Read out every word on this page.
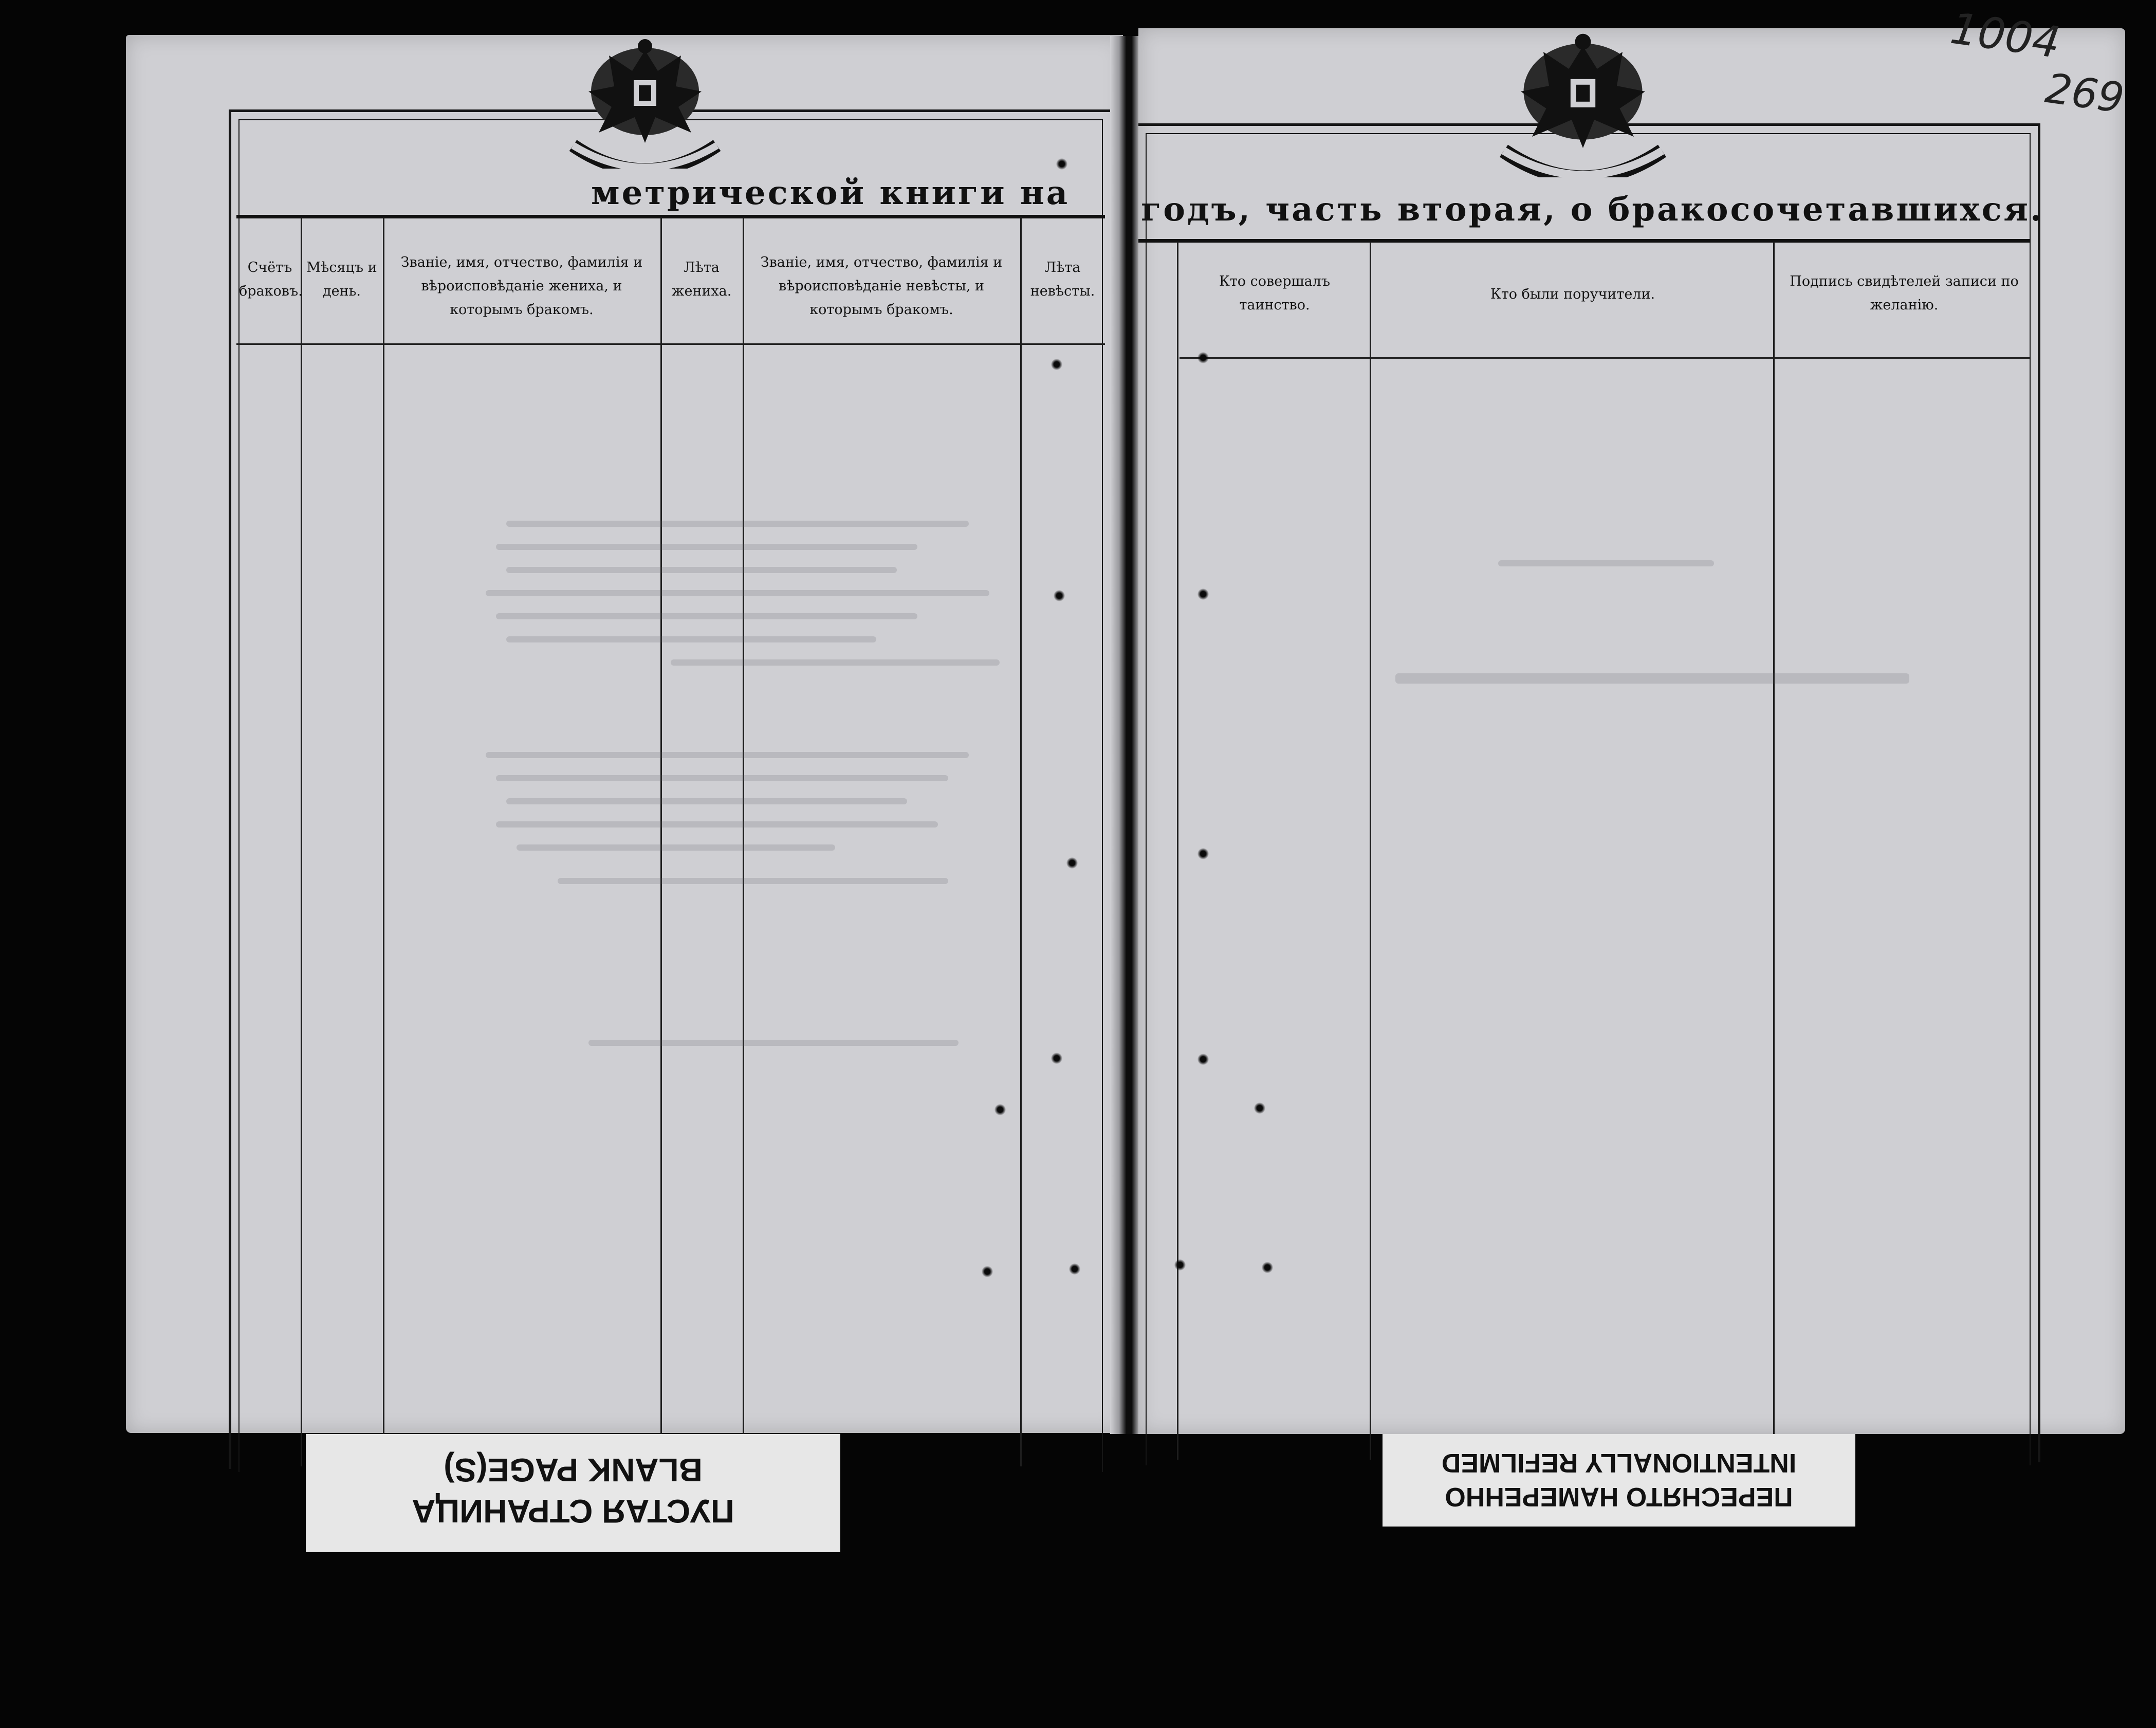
метрической книги на
Счётъ браковъ.
Мѣсяцъ и день.
Званіе, имя, отчество, фамилія и вѣроисповѣданіе жениха, и которымъ бракомъ.
Лѣта жениха.
Званіе, имя, отчество, фамилія и вѣроисповѣданіе невѣсты, и которымъ бракомъ.
Лѣта невѣсты.
годъ, часть вторая, о бракосочетавшихся.
Кто совершалъ таинство.
Кто были поручители.
Подпись свидѣтелей записи по желанію.
1004
269
ПУСТАЯ СТРАНИЦА
BLANK PAGE(S)
ПЕРЕСНЯТО НАМЕРЕННО
INTENTIONALLY REFILMED
